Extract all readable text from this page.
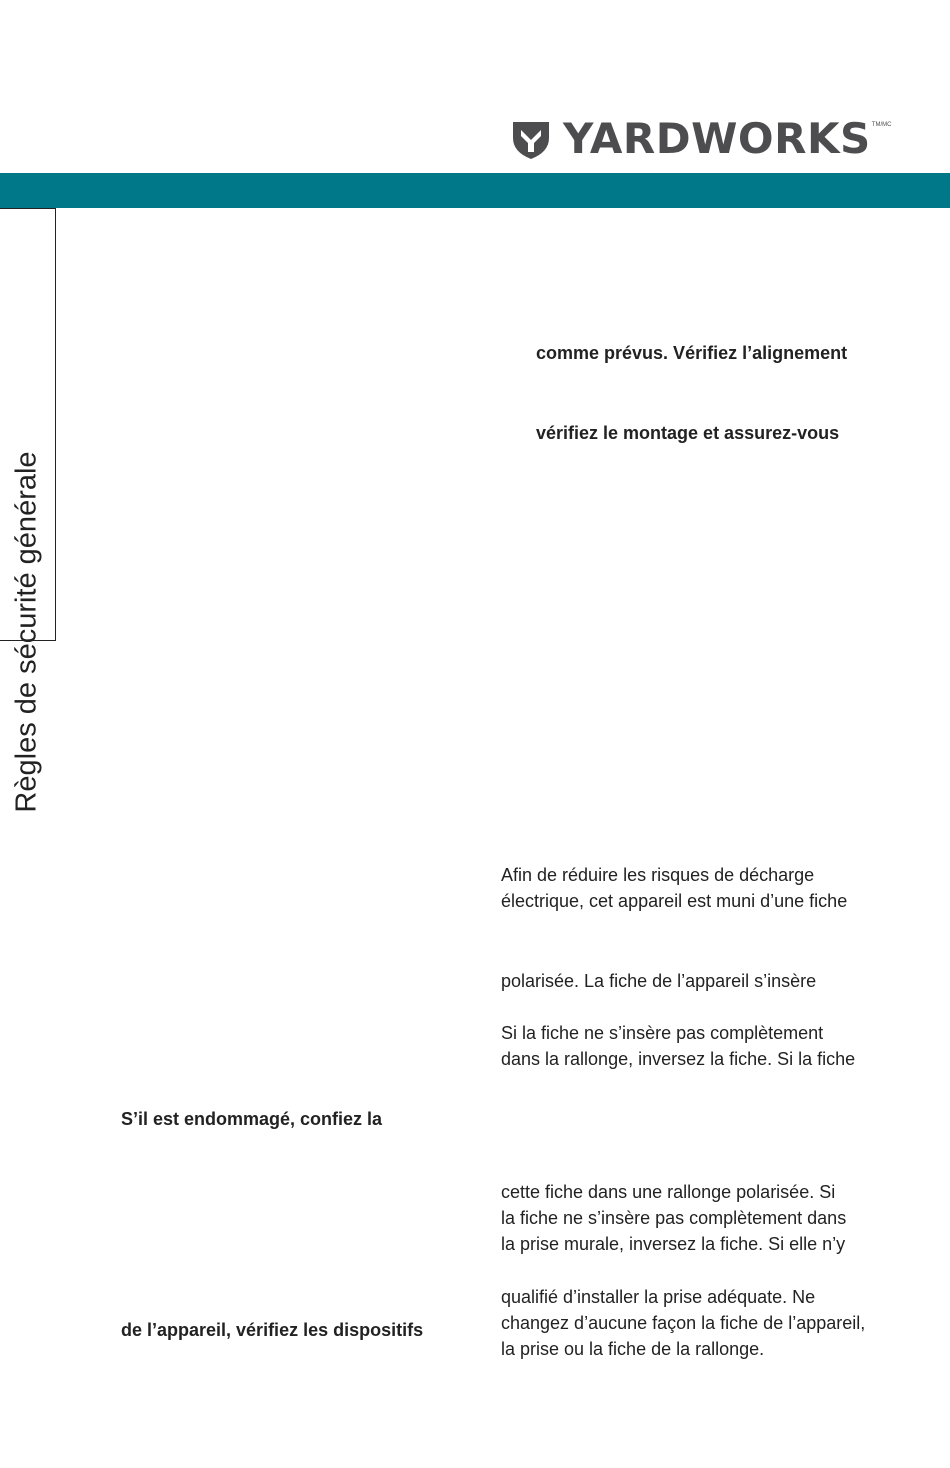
YARDWORKS TM/MC
Règles de sécurité générale
comme prévus. Vérifiez l’alignement
vérifiez le montage et assurez-vous
Afin de réduire les risques de décharge
électrique, cet appareil est muni d’une fiche
polarisée. La fiche de l’appareil s’insère
Si la fiche ne s’insère pas complètement
dans la rallonge, inversez la fiche. Si la fiche
cette fiche dans une rallonge polarisée. Si
la fiche ne s’insère pas complètement dans
la prise murale, inversez la fiche. Si elle n’y
qualifié d’installer la prise adéquate. Ne
changez d’aucune façon la fiche de l’appareil,
la prise ou la fiche de la rallonge.
S’il est endommagé, confiez la
de l’appareil, vérifiez les dispositifs
